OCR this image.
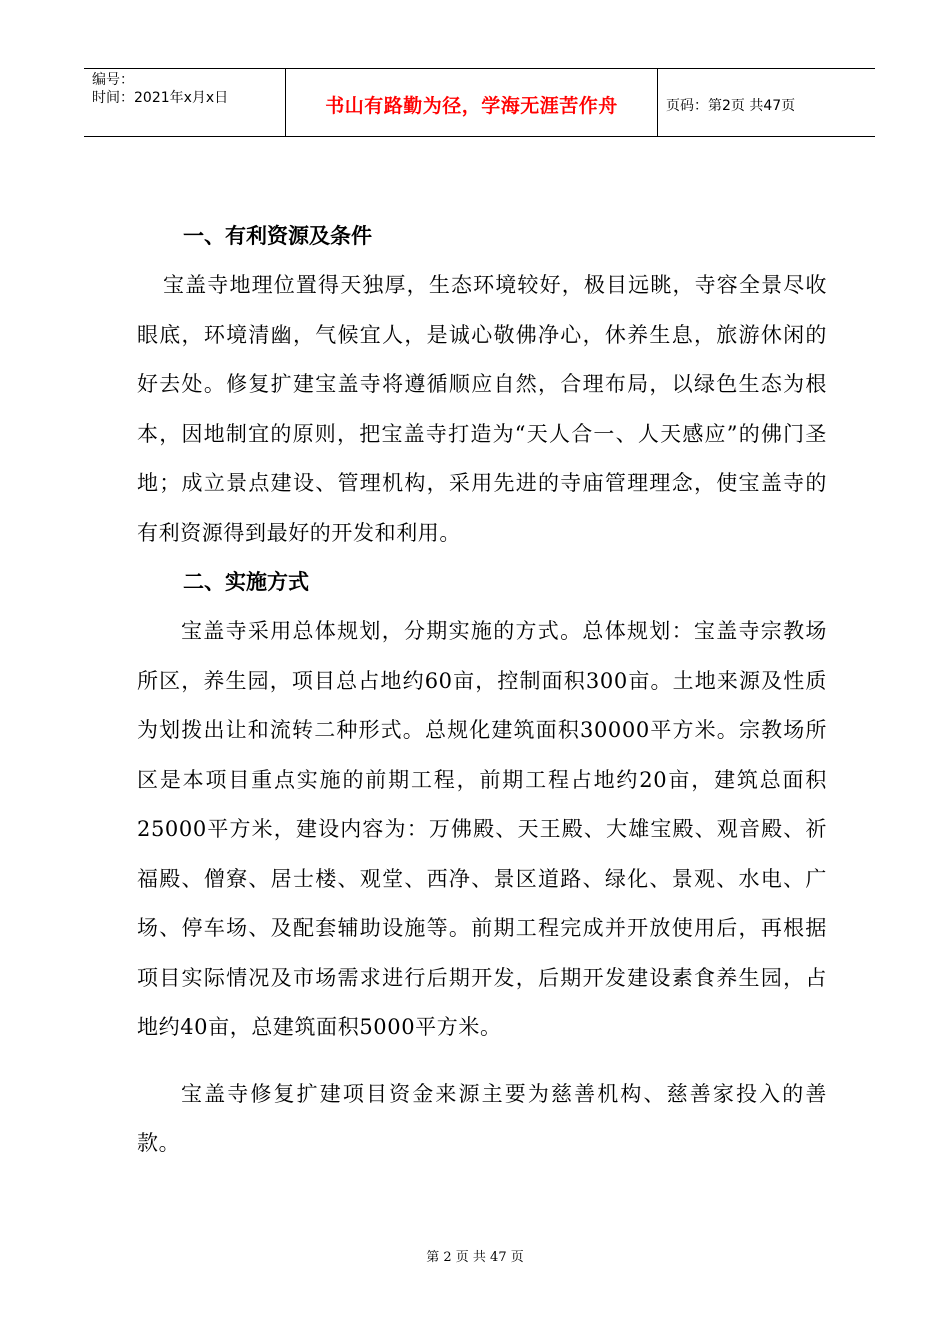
编号：
时间：2021年x月x日	书山有路勤为径，学海无涯苦作舟	页码：第2页 共47页
一、有利资源及条件

宝盖寺地理位置得天独厚，生态环境较好，极目远眺，寺容全景尽收眼底，环境清幽，气候宜人，是诚心敬佛净心，休养生息，旅游休闲的好去处。修复扩建宝盖寺将遵循顺应自然，合理布局，以绿色生态为根本，因地制宜的原则，把宝盖寺打造为“天人合一、人天感应”的佛门圣地；成立景点建设、管理机构，采用先进的寺庙管理理念，使宝盖寺的有利资源得到最好的开发和利用。

二、实施方式

宝盖寺采用总体规划，分期实施的方式。总体规划：宝盖寺宗教场所区，养生园，项目总占地约60亩，控制面积300亩。土地来源及性质为划拨出让和流转二种形式。总规化建筑面积30000平方米。宗教场所区是本项目重点实施的前期工程，前期工程占地约20亩，建筑总面积25000平方米，建设内容为：万佛殿、天王殿、大雄宝殿、观音殿、祈福殿、僧寮、居士楼、观堂、西净、景区道路、绿化、景观、水电、广场、停车场、及配套辅助设施等。前期工程完成并开放使用后，再根据项目实际情况及市场需求进行后期开发，后期开发建设素食养生园，占地约40亩，总建筑面积5000平方米。

宝盖寺修复扩建项目资金来源主要为慈善机构、慈善家投入的善款。

第 2 页 共 47 页
